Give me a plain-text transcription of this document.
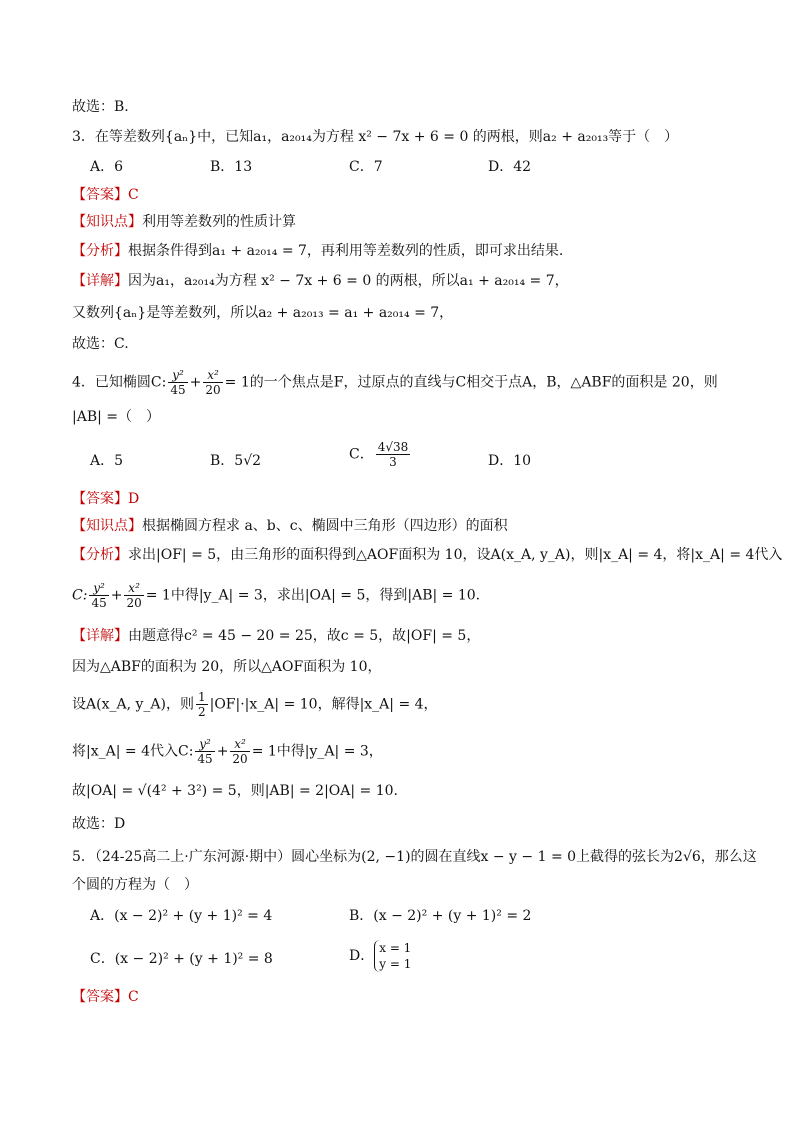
故选：B.
3．在等差数列{aₙ}中，已知a₁，a₂₀₁₄为方程 x² − 7x + 6 = 0 的两根，则a₂ + a₂₀₁₃等于（　）
A．6	B．13	C．7	D．42
【答案】C
【知识点】利用等差数列的性质计算
【分析】根据条件得到a₁ + a₂₀₁₄ = 7，再利用等差数列的性质，即可求出结果.
【详解】因为a₁，a₂₀₁₄为方程 x² − 7x + 6 = 0 的两根，所以a₁ + a₂₀₁₄ = 7，
又数列{aₙ}是等差数列，所以a₂ + a₂₀₁₃ = a₁ + a₂₀₁₄ = 7，
故选：C.
4．已知椭圆C: $\frac{\text{y²}}{45} + \frac{\text{x²}}{20} = 1$的一个焦点是F，过原点的直线与C相交于点A，B，△ABF的面积是 20，则
|AB| =（　）
A．5	B．5√2	C． $\frac{4√38}{3}$	D．10
【答案】D
【知识点】根据椭圆方程求 a、b、c、椭圆中三角形（四边形）的面积
【分析】求出|OF| = 5，由三角形的面积得到△AOF面积为 10，设A(x_A, y_A)，则|x_A| = 4，将|x_A| = 4代入
C: $\frac{\text{y²}}{45} + \frac{\text{x²}}{20} = 1$中得|y_A| = 3，求出|OA| = 5，得到|AB| = 10.
【详解】由题意得c² = 45 − 20 = 25，故c = 5，故|OF| = 5，
因为△ABF的面积为 20，所以△AOF面积为 10，
设A(x_A, y_A)，则 $\frac{1}{2}$ |OF|·|x_A| = 10，解得|x_A| = 4，
将|x_A| = 4代入C: $\frac{\text{y²}}{45} + \frac{\text{x²}}{20} = 1$中得|y_A| = 3，
故|OA| = √(4² + 3²) = 5，则|AB| = 2|OA| = 10.
故选：D
5．（24-25高二上·广东河源·期中）圆心坐标为(2, −1)的圆在直线x − y − 1 = 0上截得的弦长为2√6，那么这
个圆的方程为（　）
A．(x − 2)² + (y + 1)² = 4	B．(x − 2)² + (y + 1)² = 2
C．(x − 2)² + (y + 1)² = 8	D． x = 1
y = 1
【答案】C
